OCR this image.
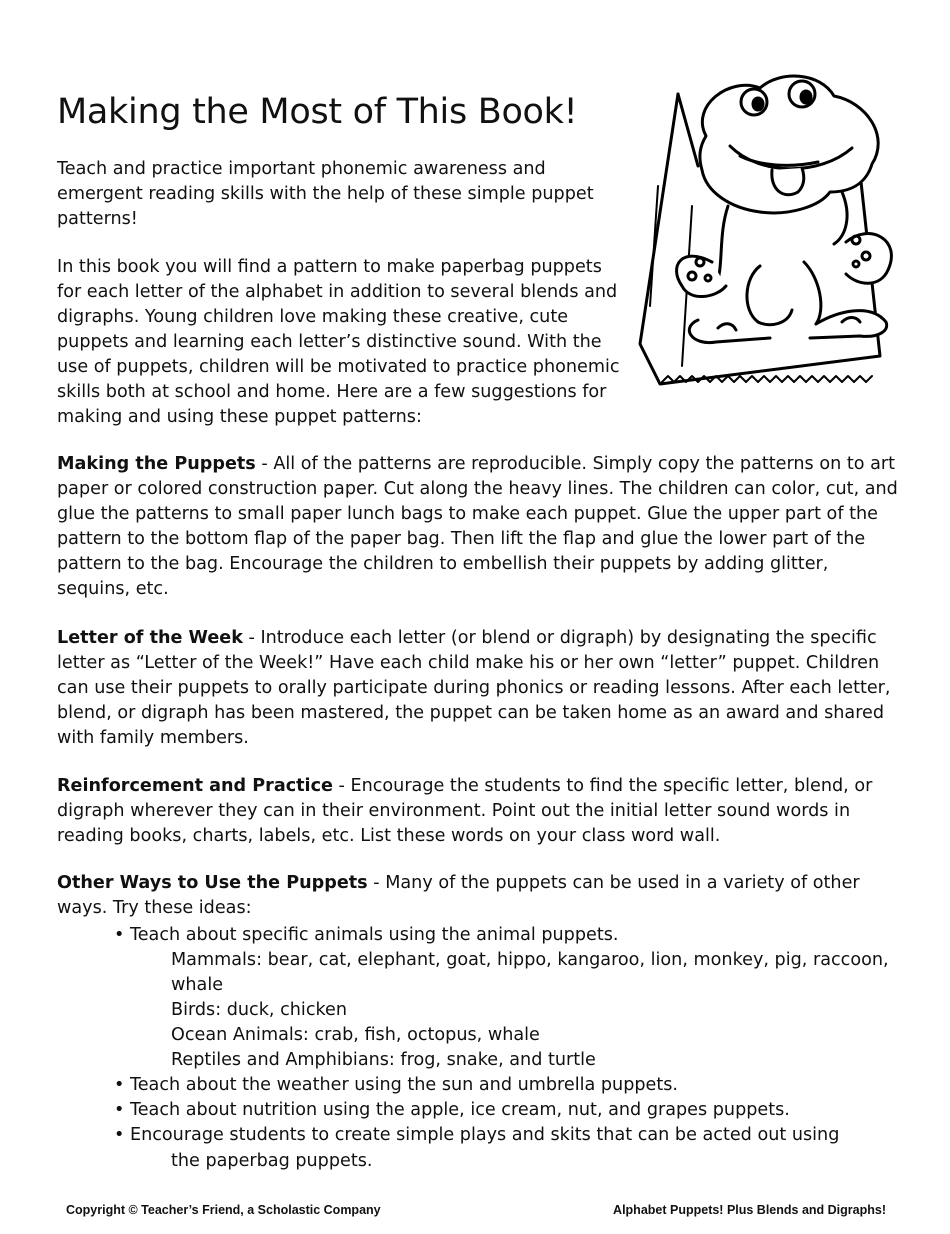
Making the Most of This Book!

Teach and practice important phonemic awareness and emergent reading skills with the help of these simple puppet patterns!

In this book you will find a pattern to make paperbag puppets for each letter of the alphabet in addition to several blends and digraphs. Young children love making these creative, cute puppets and learning each letter’s distinctive sound. With the use of puppets, children will be motivated to practice phonemic skills both at school and home. Here are a few suggestions for making and using these puppet patterns:

Making the Puppets - All of the patterns are reproducible. Simply copy the patterns on to art paper or colored construction paper. Cut along the heavy lines. The children can color, cut, and glue the patterns to small paper lunch bags to make each puppet. Glue the upper part of the pattern to the bottom flap of the paper bag. Then lift the flap and glue the lower part of the pattern to the bag. Encourage the children to embellish their puppets by adding glitter, sequins, etc.

Letter of the Week - Introduce each letter (or blend or digraph) by designating the specific letter as “Letter of the Week!” Have each child make his or her own “letter” puppet. Children can use their puppets to orally participate during phonics or reading lessons. After each letter, blend, or digraph has been mastered, the puppet can be taken home as an award and shared with family members.

Reinforcement and Practice - Encourage the students to find the specific letter, blend, or digraph wherever they can in their environment. Point out the initial letter sound words in reading books, charts, labels, etc. List these words on your class word wall.

Other Ways to Use the Puppets - Many of the puppets can be used in a variety of other ways. Try these ideas:

• Teach about specific animals using the animal puppets.

Mammals: bear, cat, elephant, goat, hippo, kangaroo, lion, monkey, pig, raccoon,

whale

Birds: duck, chicken

Ocean Animals: crab, fish, octopus, whale

Reptiles and Amphibians: frog, snake, and turtle

• Teach about the weather using the sun and umbrella puppets.

• Teach about nutrition using the apple, ice cream, nut, and grapes puppets.

• Encourage students to create simple plays and skits that can be acted out using

the paperbag puppets.

Copyright © Teacher’s Friend, a Scholastic Company	Alphabet Puppets! Plus Blends and Digraphs!
